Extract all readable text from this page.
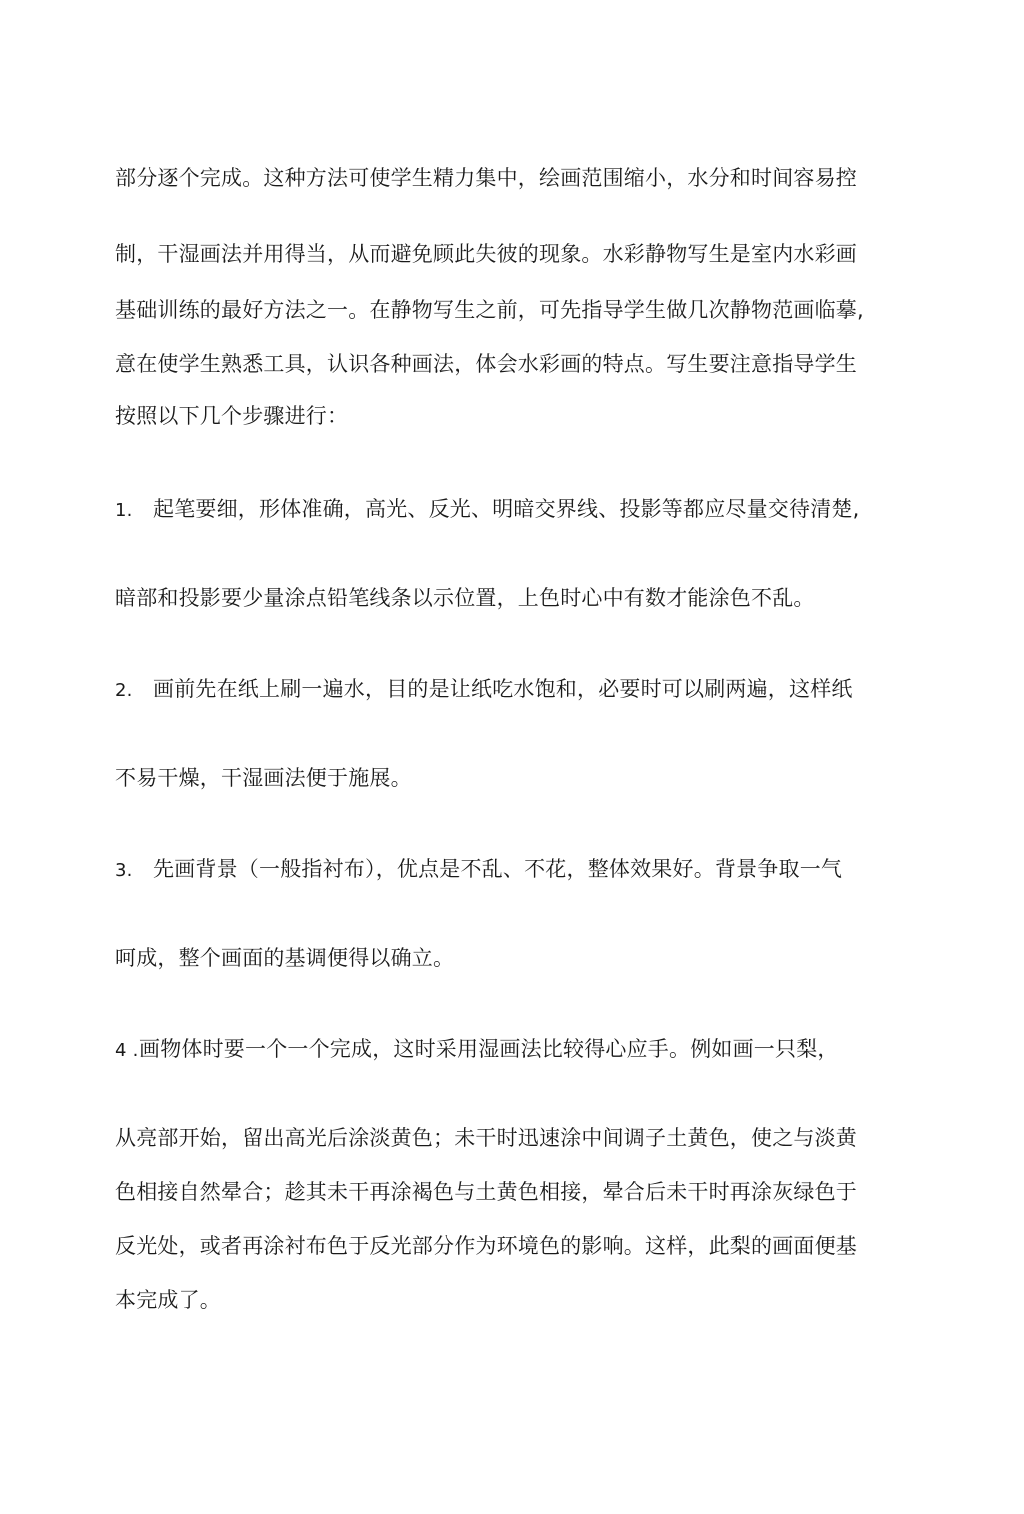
部分逐个完成。这种方法可使学生精力集中，绘画范围缩小，水分和时间容易控
制，干湿画法并用得当，从而避免顾此失彼的现象。水彩静物写生是室内水彩画
基础训练的最好方法之一。在静物写生之前，可先指导学生做几次静物范画临摹,
意在使学生熟悉工具，认识各种画法，体会水彩画的特点。写生要注意指导学生
按照以下几个步骤进行：
1. 起笔要细，形体准确，高光、反光、明暗交界线、投影等都应尽量交待清楚,
暗部和投影要少量涂点铅笔线条以示位置，上色时心中有数才能涂色不乱。
2. 画前先在纸上刷一遍水，目的是让纸吃水饱和，必要时可以刷两遍，这样纸
不易干燥，干湿画法便于施展。
3. 先画背景（一般指衬布），优点是不乱、不花，整体效果好。背景争取一气
呵成，整个画面的基调便得以确立。
4 .画物体时要一个一个完成，这时采用湿画法比较得心应手。例如画一只梨，
从亮部开始，留出高光后涂淡黄色；未干时迅速涂中间调子土黄色，使之与淡黄
色相接自然晕合；趁其未干再涂褐色与土黄色相接，晕合后未干时再涂灰绿色于
反光处，或者再涂衬布色于反光部分作为环境色的影响。这样，此梨的画面便基
本完成了。
